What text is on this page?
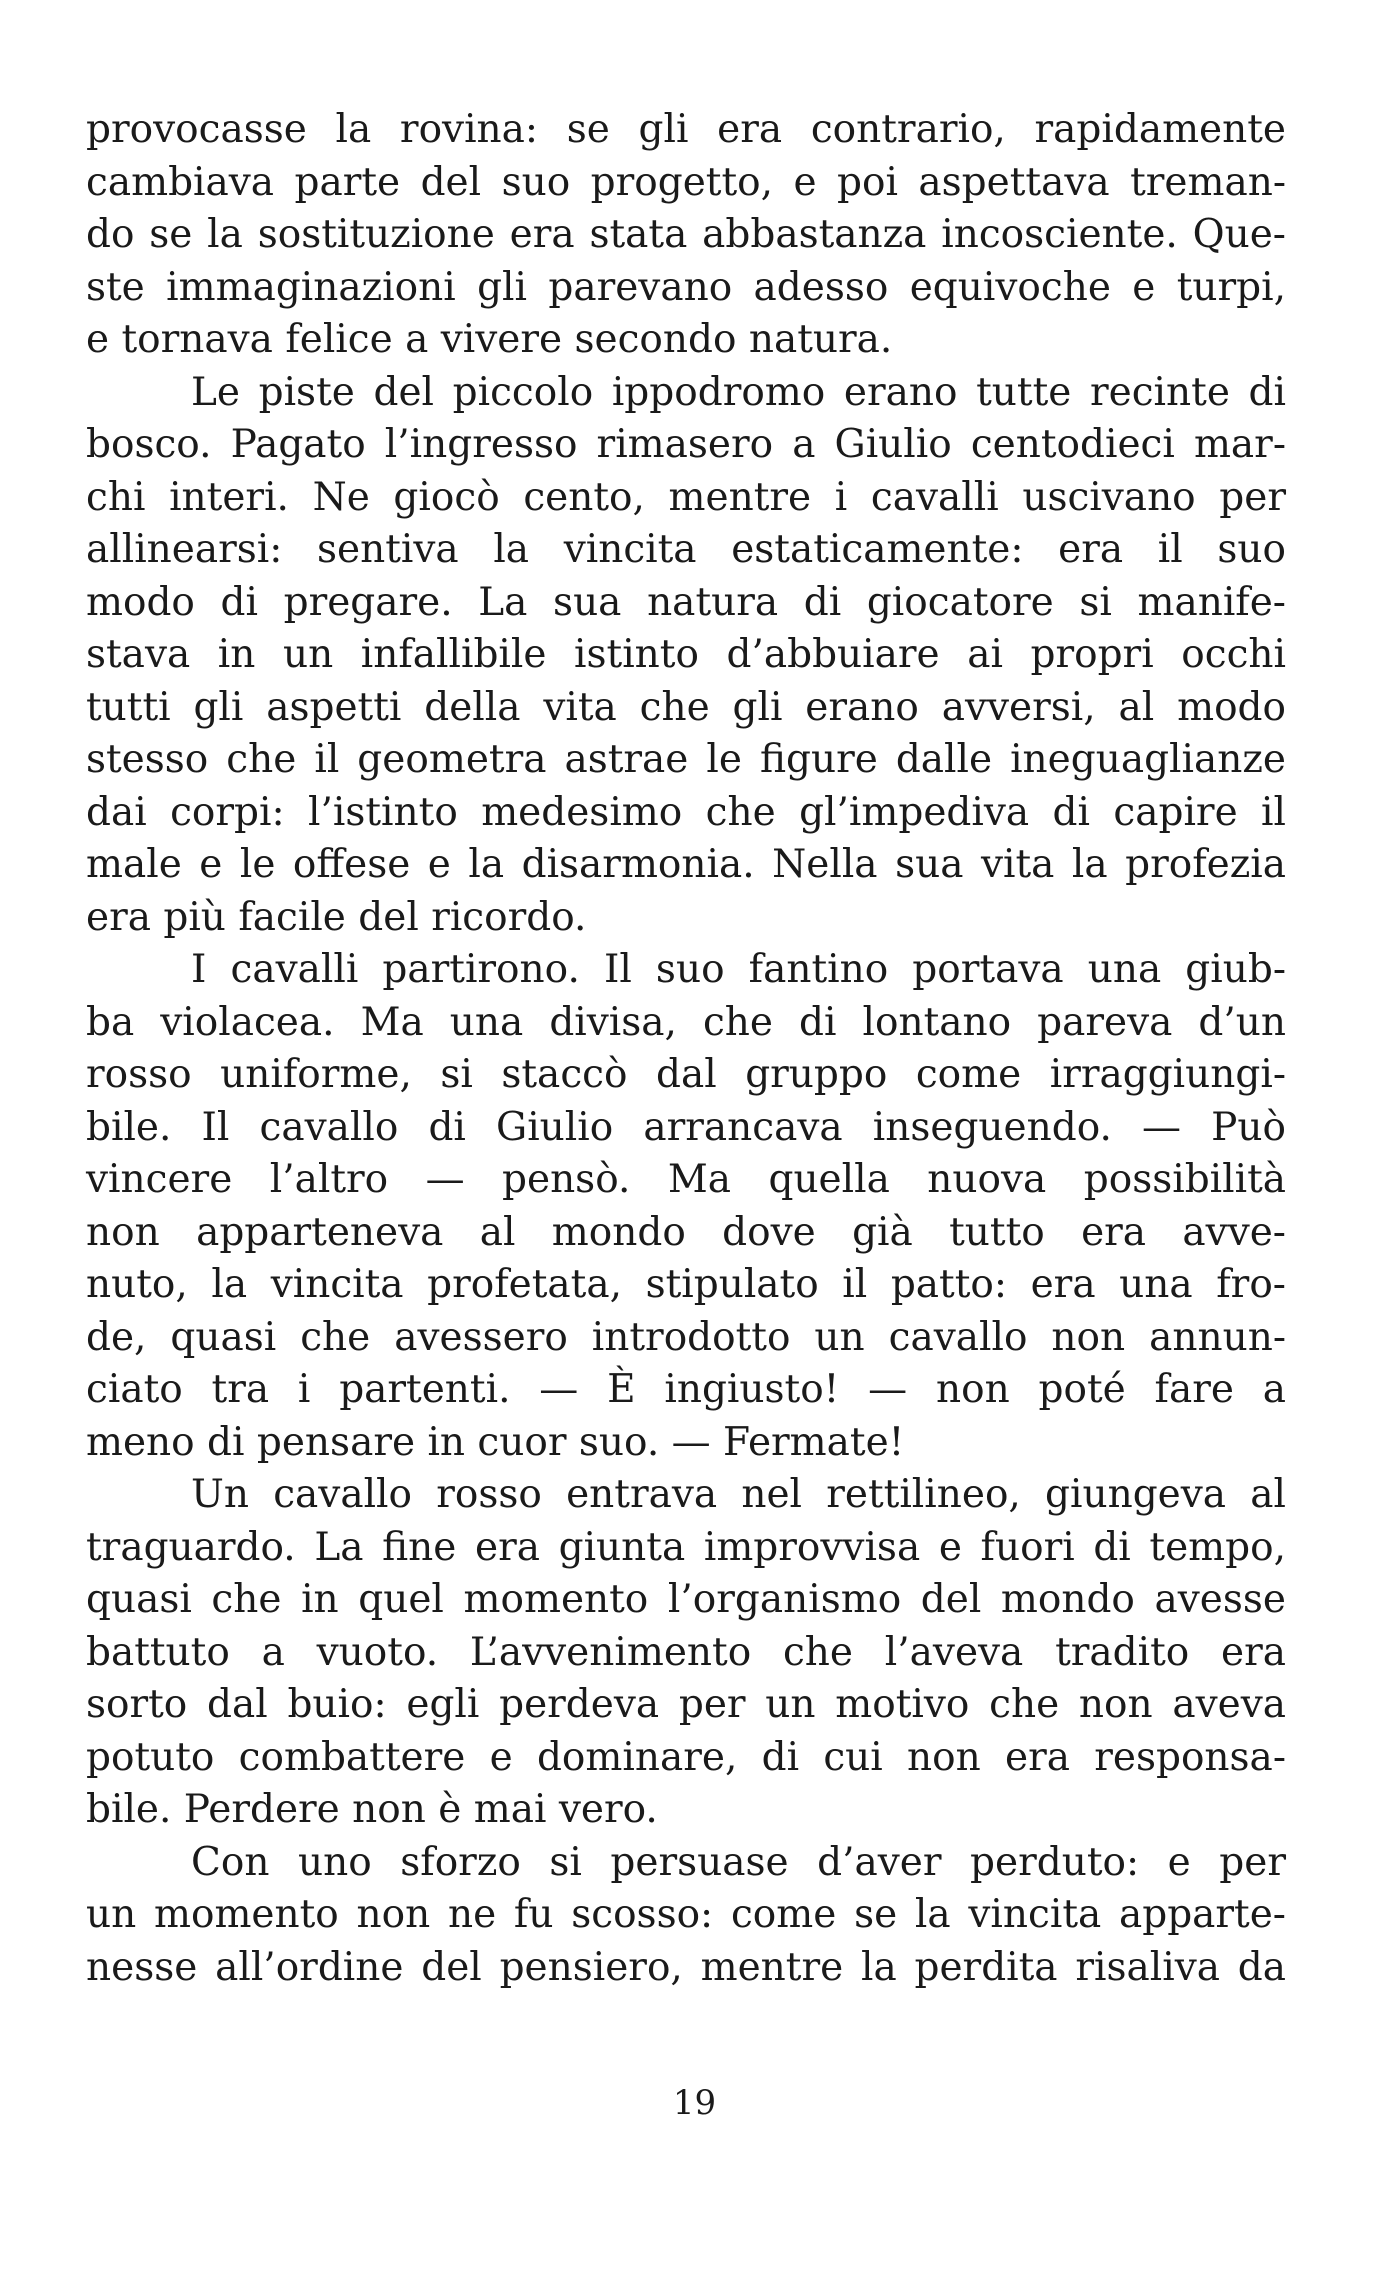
provocasse la rovina: se gli era contrario, rapidamente
cambiava parte del suo progetto, e poi aspettava treman-
do se la sostituzione era stata abbastanza incosciente. Que-
ste immaginazioni gli parevano adesso equivoche e turpi,
e tornava felice a vivere secondo natura.
Le piste del piccolo ippodromo erano tutte recinte di
bosco. Pagato l’ingresso rimasero a Giulio centodieci mar-
chi interi. Ne giocò cento, mentre i cavalli uscivano per
allinearsi: sentiva la vincita estaticamente: era il suo
modo di pregare. La sua natura di giocatore si manife-
stava in un infallibile istinto d’abbuiare ai propri occhi
tutti gli aspetti della vita che gli erano avversi, al modo
stesso che il geometra astrae le figure dalle ineguaglianze
dai corpi: l’istinto medesimo che gl’impediva di capire il
male e le offese e la disarmonia. Nella sua vita la profezia
era più facile del ricordo.
I cavalli partirono. Il suo fantino portava una giub-
ba violacea. Ma una divisa, che di lontano pareva d’un
rosso uniforme, si staccò dal gruppo come irraggiungi-
bile. Il cavallo di Giulio arrancava inseguendo. — Può
vincere l’altro — pensò. Ma quella nuova possibilità
non apparteneva al mondo dove già tutto era avve-
nuto, la vincita profetata, stipulato il patto: era una fro-
de, quasi che avessero introdotto un cavallo non annun-
ciato tra i partenti. — È ingiusto! — non poté fare a
meno di pensare in cuor suo. — Fermate!
Un cavallo rosso entrava nel rettilineo, giungeva al
traguardo. La fine era giunta improvvisa e fuori di tempo,
quasi che in quel momento l’organismo del mondo avesse
battuto a vuoto. L’avvenimento che l’aveva tradito era
sorto dal buio: egli perdeva per un motivo che non aveva
potuto combattere e dominare, di cui non era responsa-
bile. Perdere non è mai vero.
Con uno sforzo si persuase d’aver perduto: e per
un momento non ne fu scosso: come se la vincita apparte-
nesse all’ordine del pensiero, mentre la perdita risaliva da
19
